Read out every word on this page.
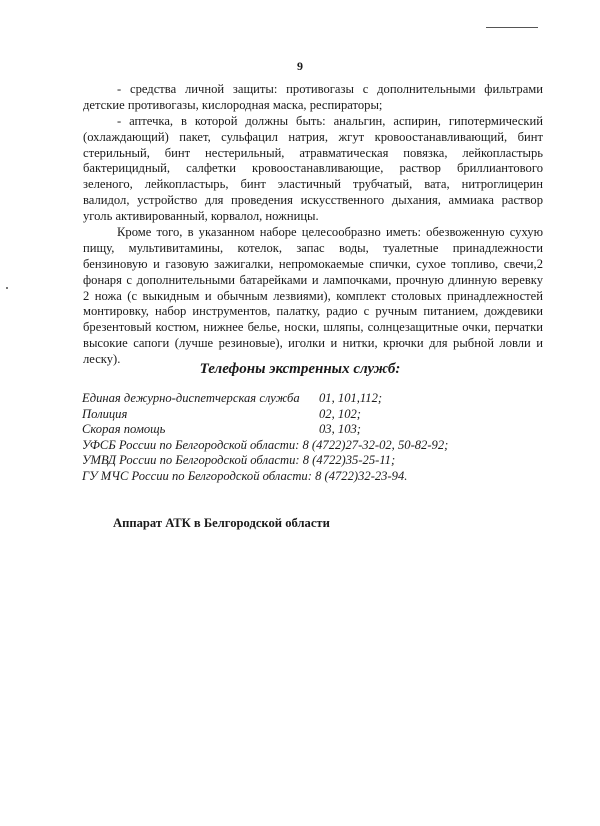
9
- средства личной защиты: противогазы с дополнительными фильтрами
детские противогазы, кислородная маска, респираторы;
- аптечка, в которой должны быть: анальгин, аспирин, гипотермический
(охлаждающий) пакет, сульфацил натрия, жгут кровоостанавливающий, бинт
стерильный, бинт нестерильный, атравматическая повязка, лейкопластырь
бактерицидный, салфетки кровоостанавливающие, раствор бриллиантового
зеленого, лейкопластырь, бинт эластичный трубчатый, вата, нитроглицерин
валидол, устройство для проведения искусственного дыхания, аммиака раствор
уголь активированный, корвалол, ножницы.
Кроме того, в указанном наборе целесообразно иметь: обезвоженную сухую
пищу, мультивитамины, котелок, запас воды, туалетные принадлежности
бензиновую и газовую зажигалки, непромокаемые спички, сухое топливо, свечи,2
фонаря с дополнительными батарейками и лампочками, прочную длинную веревку
2 ножа (с выкидным и обычным лезвиями), комплект столовых принадлежностей
монтировку, набор инструментов, палатку, радио с ручным питанием, дождевики
брезентовый костюм, нижнее белье, носки, шляпы, солнцезащитные очки, перчатки
высокие сапоги (лучше резиновые), иголки и нитки, крючки для рыбной ловли и
леску).
Телефоны экстренных служб:
Единая дежурно-диспетчерская служба 01, 101,112;
Полиция	02, 102;
Скорая помощь	03, 103;
УФСБ России по Белгородской области: 8 (4722)27-32-02, 50-82-92;
УМВД России по Белгородской области: 8 (4722)35-25-11;
ГУ МЧС России по Белгородской области: 8 (4722)32-23-94.
Аппарат АТК в Белгородской области
